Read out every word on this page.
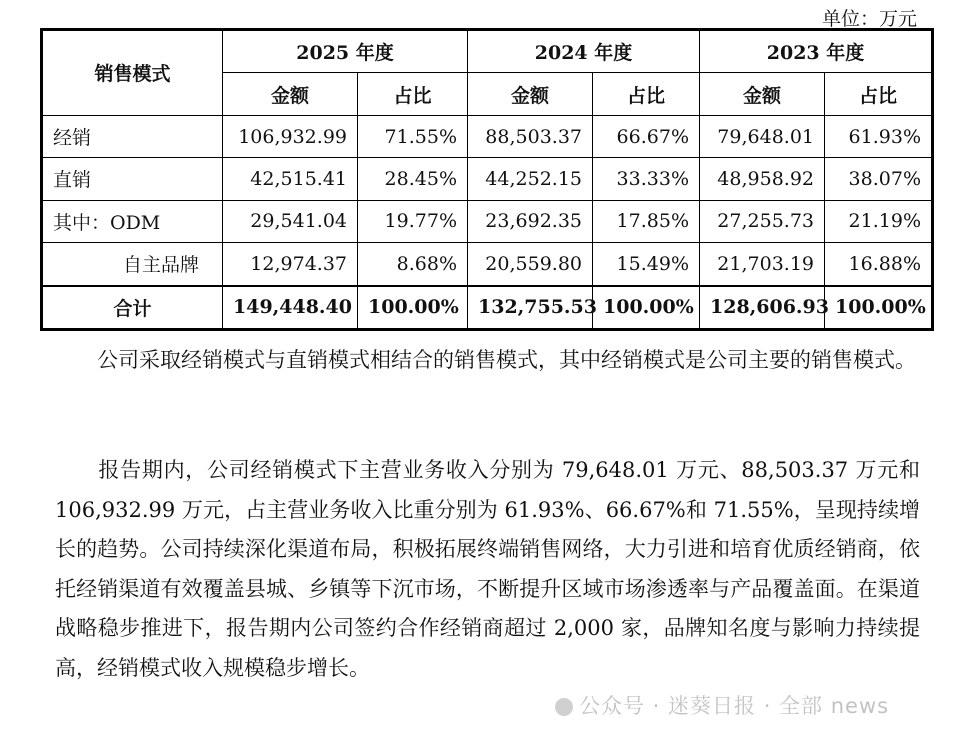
单位：万元
销售模式	2025 年度		2024 年度		2023 年度	
	金额	占比	金额	占比	金额	占比
经销	106,932.99	71.55%	88,503.37	66.67%	79,648.01	61.93%
直销	42,515.41	28.45%	44,252.15	33.33%	48,958.92	38.07%
其中：ODM	29,541.04	19.77%	23,692.35	17.85%	27,255.73	21.19%
自主品牌	12,974.37	8.68%	20,559.80	15.49%	21,703.19	16.88%
合计	149,448.40	100.00%	132,755.53	100.00%	128,606.93	100.00%

　　公司采取经销模式与直销模式相结合的销售模式，其中经销模式是公司主要的销售模式。

　　报告期内，公司经销模式下主营业务收入分别为 79,648.01 万元、88,503.37 万元和 106,932.99 万元，占主营业务收入比重分别为 61.93%、66.67%和 71.55%，呈现持续增长的趋势。公司持续深化渠道布局，积极拓展终端销售网络，大力引进和培育优质经销商，依托经销渠道有效覆盖县城、乡镇等下沉市场，不断提升区域市场渗透率与产品覆盖面。在渠道战略稳步推进下，报告期内公司签约合作经销商超过 2,000 家，品牌知名度与影响力持续提高，经销模式收入规模稳步增长。

公众号 · 迷葵日报 · 全部 news
